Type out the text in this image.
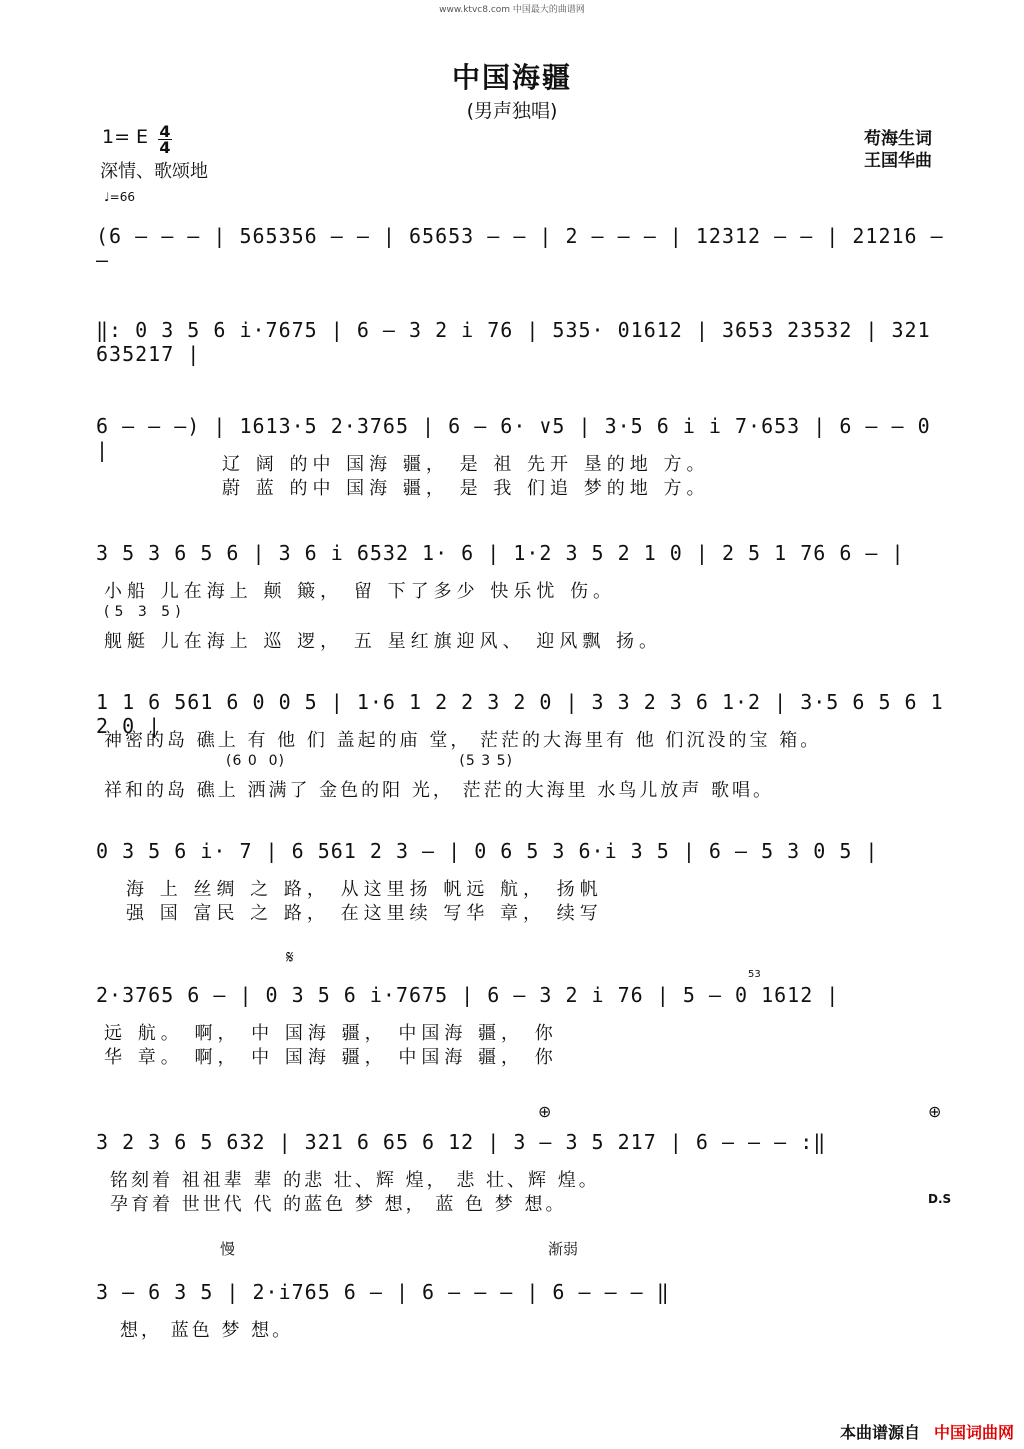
www.ktvc8.com 中国最大的曲谱网
中国海疆
(男声独唱)
1= E 4
4
深情、歌颂地
♩=66
苟海生词
王国华曲
(6 — — — | 565356 — — | 65653 — — | 2 — — — | 12312 — — | 21216 — —
‖: 0 3 5 6 i·7675 | 6 — 3 2 i 76 | 535· 01612 | 3653 23532 | 321 635217 |
6 — — —) | 1613·5 2·3765 | 6 — 6· ∨5 | 3·5 6 i i 7·653 | 6 — — 0 |
辽 阔 的中 国海 疆， 是 祖 先开 垦的地 方。
蔚 蓝 的中 国海 疆， 是 我 们追 梦的地 方。
3 5 3 6 5 6 | 3 6 i 6532 1· 6 | 1·2 3 5 2 1 0 | 2 5 1 76 6 — |
小船 儿在海上 颠 簸， 留 下了多少 快乐忧 伤。
(5 3 5)
舰艇 儿在海上 巡 逻， 五 星红旗迎风、 迎风飘 扬。
1 1 6 561 6 0 0 5 | 1·6 1 2 2 3 2 0 | 3 3 2 3 6 1·2 | 3·5 6 5 6 1 2 0 |
神密的岛 礁上 有 他 们 盖起的庙 堂， 茫茫的大海里有 他 们沉没的宝 箱。
(6 0  0)                                (5 3 5)
祥和的岛 礁上 洒满了 金色的阳 光， 茫茫的大海里 水鸟儿放声 歌唱。
0 3 5 6 i· 7 | 6 561 2 3 — | 0 6 5 3 6·i 3 5 | 6 — 5 3 0 5 |
海 上 丝绸 之 路， 从这里扬 帆远 航， 扬帆
强 国 富民 之 路， 在这里续 写华 章， 续写
𝄋
53
2·3765 6 — | 0 3 5 6 i·7675 | 6 — 3 2 i 76 | 5 — 0 1612 |
远 航。 啊， 中 国海 疆， 中国海 疆， 你
华 章。 啊， 中 国海 疆， 中国海 疆， 你
⊕	⊕
3 2 3 6 5 632 | 321 6 65 6 12 | 3 — 3 5 217 | 6 — — — :‖
铭刻着 祖祖辈 辈 的悲 壮、辉 煌， 悲 壮、辉 煌。
孕育着 世世代 代 的蓝色 梦 想， 蓝 色 梦 想。	D.S
慢	渐弱
3 — 6 3 5 | 2·i765 6 — | 6 — — — | 6 — — — ‖
想， 蓝色 梦 想。
本曲谱源自 中国词曲网
